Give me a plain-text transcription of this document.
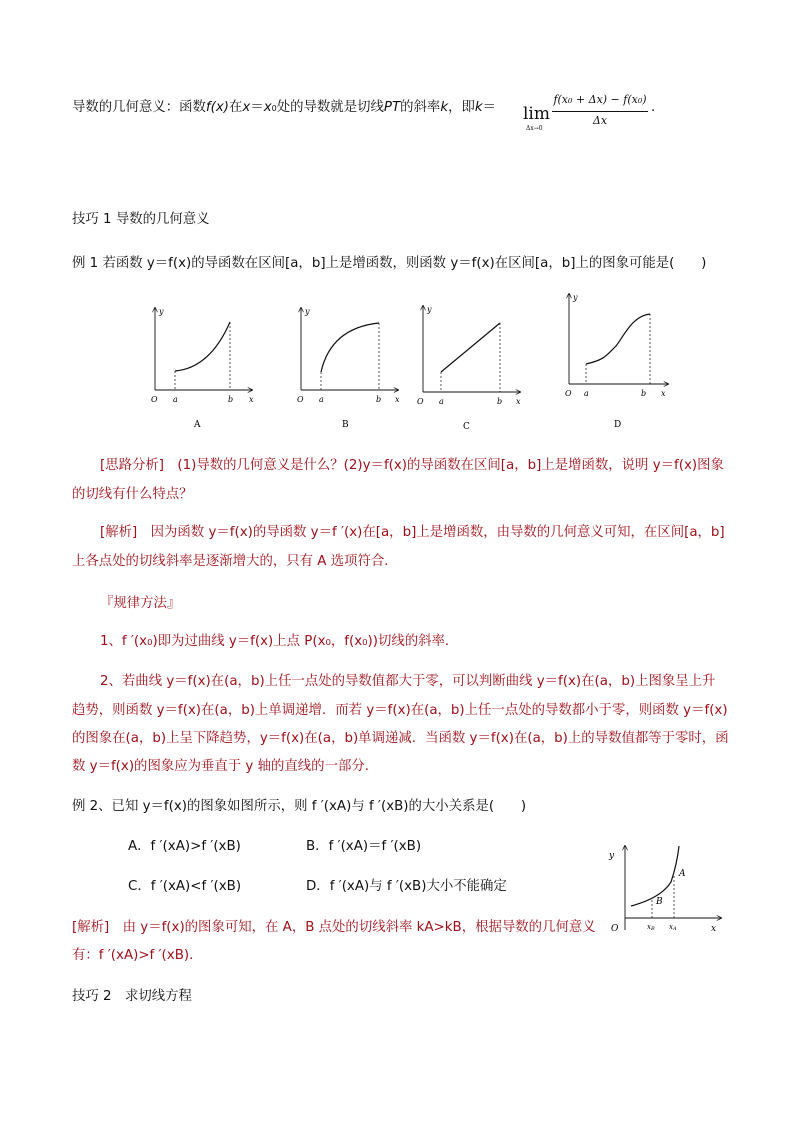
导数的几何意义：函数f(x)在x＝x0处的导数就是切线PT的斜率k，即k＝ lim
Δx→0
f(x₀ + Δx) − f(x₀)
Δx
.
技巧 1 导数的几何意义
例 1 若函数 y＝f(x)的导函数在区间[a，b]上是增函数，则函数 y＝f(x)在区间[a，b]上的图象可能是(　　)
y
O a	b x
A
y
O a	b x
B
y
O a	b x
C
y
O a	b x
D
[思路分析]　(1)导数的几何意义是什么？(2)y＝f(x)的导函数在区间[a，b]上是增函数，说明 y＝f(x)图象
的切线有什么特点？
[解析]　因为函数 y＝f(x)的导函数 y＝f ′(x)在[a，b]上是增函数，由导数的几何意义可知，在区间[a，b]
上各点处的切线斜率是逐渐增大的，只有 A 选项符合．
『规律方法』
1、f ′(x₀)即为过曲线 y＝f(x)上点 P(x₀，f(x₀))切线的斜率．
2、若曲线 y＝f(x)在(a，b)上任一点处的导数值都大于零，可以判断曲线 y＝f(x)在(a，b)上图象呈上升
趋势，则函数 y＝f(x)在(a，b)上单调递增．而若 y＝f(x)在(a，b)上任一点处的导数都小于零，则函数 y＝f(x)
的图象在(a，b)上呈下降趋势，y＝f(x)在(a，b)单调递减．当函数 y＝f(x)在(a，b)上的导数值都等于零时，函
数 y＝f(x)的图象应为垂直于 y 轴的直线的一部分．
例 2、已知 y＝f(x)的图象如图所示，则 f ′(xA)与 f ′(xB)的大小关系是(　　)
A．f ′(xA)>f ′(xB)	B．f ′(xA)＝f ′(xB)
C．f ′(xA)<f ′(xB)	D．f ′(xA)与 f ′(xB)大小不能确定
y
O	x
A
B
xB xA
[解析]　由 y＝f(x)的图象可知，在 A，B 点处的切线斜率 kA>kB，根据导数的几何意义
有：f ′(xA)>f ′(xB)．
技巧 2　求切线方程
